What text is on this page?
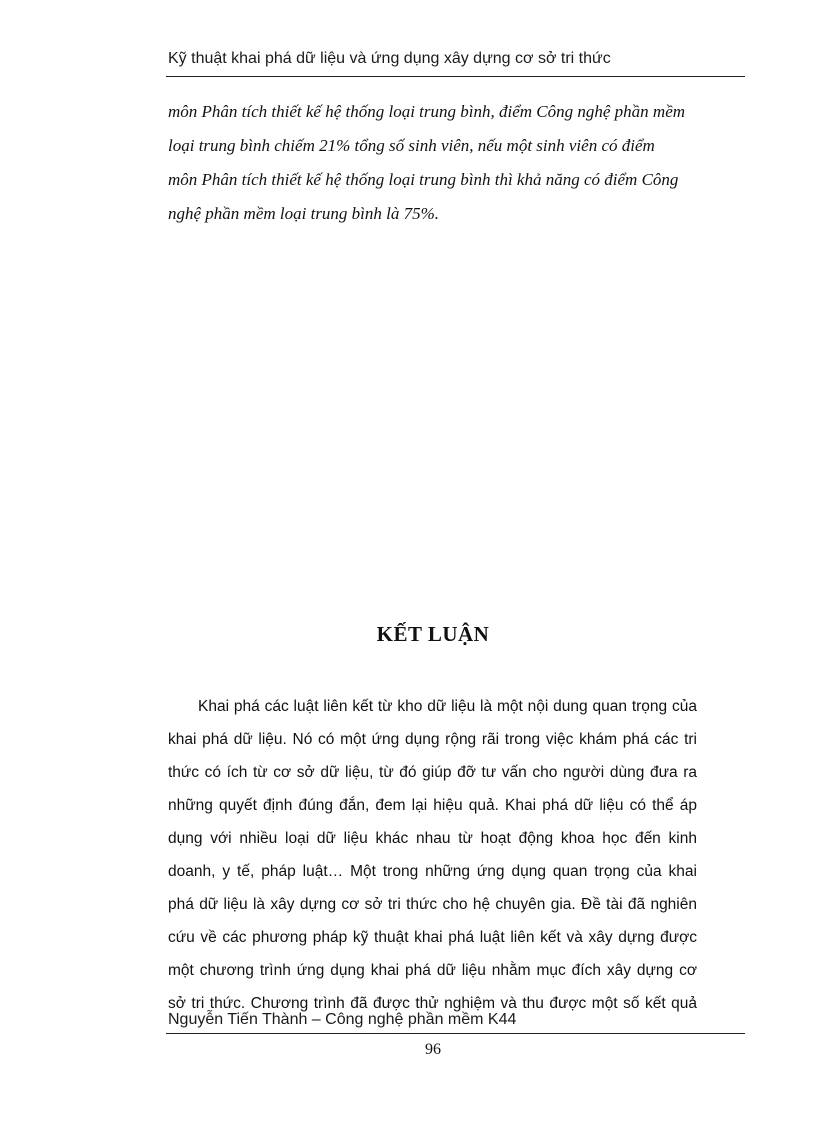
Kỹ thuật khai phá dữ liệu và ứng dụng xây dựng cơ sở tri thức

môn Phân tích thiết kế hệ thống loại trung bình, điểm Công nghệ phần mềm
loại trung bình chiếm 21% tổng số sinh viên, nếu một sinh viên có điểm
môn Phân tích thiết kế hệ thống loại trung bình thì khả năng có điểm Công
nghệ phần mềm loại trung bình là 75%.

KẾT LUẬN

Khai phá các luật liên kết từ kho dữ liệu là một nội dung quan trọng của
khai phá dữ liệu. Nó có một ứng dụng rộng rãi trong việc khám phá các tri
thức có ích từ cơ sở dữ liệu, từ đó giúp đỡ tư vấn cho người dùng đưa ra
những quyết định đúng đắn, đem lại hiệu quả. Khai phá dữ liệu có thể áp
dụng với nhiều loại dữ liệu khác nhau từ hoạt động khoa học đến kinh
doanh, y tế, pháp luật… Một trong những ứng dụng quan trọng của khai
phá dữ liệu là xây dựng cơ sở tri thức cho hệ chuyên gia. Đề tài đã nghiên
cứu về các phương pháp kỹ thuật khai phá luật liên kết và xây dựng được
một chương trình ứng dụng khai phá dữ liệu nhằm mục đích xây dựng cơ
sở tri thức. Chương trình đã được thử nghiệm và thu được một số kết quả

Nguyễn Tiến Thành – Công nghệ phần mềm K44
96
